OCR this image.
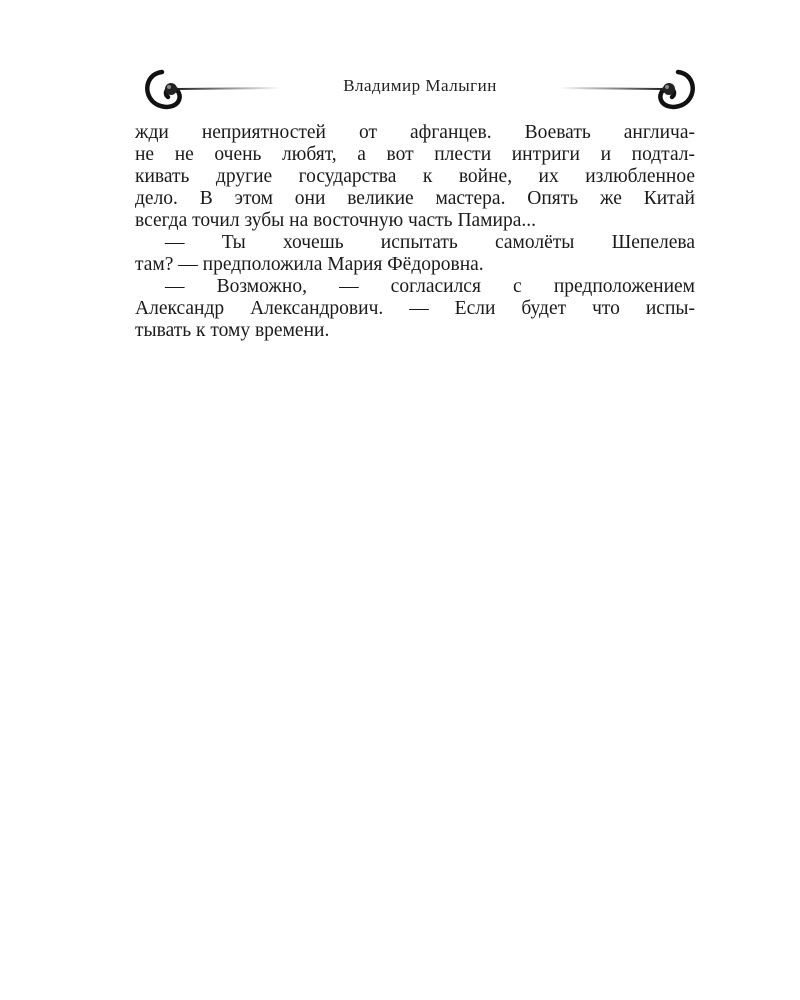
Владимир Малыгин
жди неприятностей от афганцев. Воевать англича-
не не очень любят, а вот плести интриги и подтал-
кивать другие государства к войне, их излюбленное
дело. В этом они великие мастера. Опять же Китай
всегда точил зубы на восточную часть Памира...
— Ты хочешь испытать самолёты Шепелева
там? — предположила Мария Фёдоровна.
— Возможно, — согласился с предположением
Александр Александрович. — Если будет что испы-
тывать к тому времени.
